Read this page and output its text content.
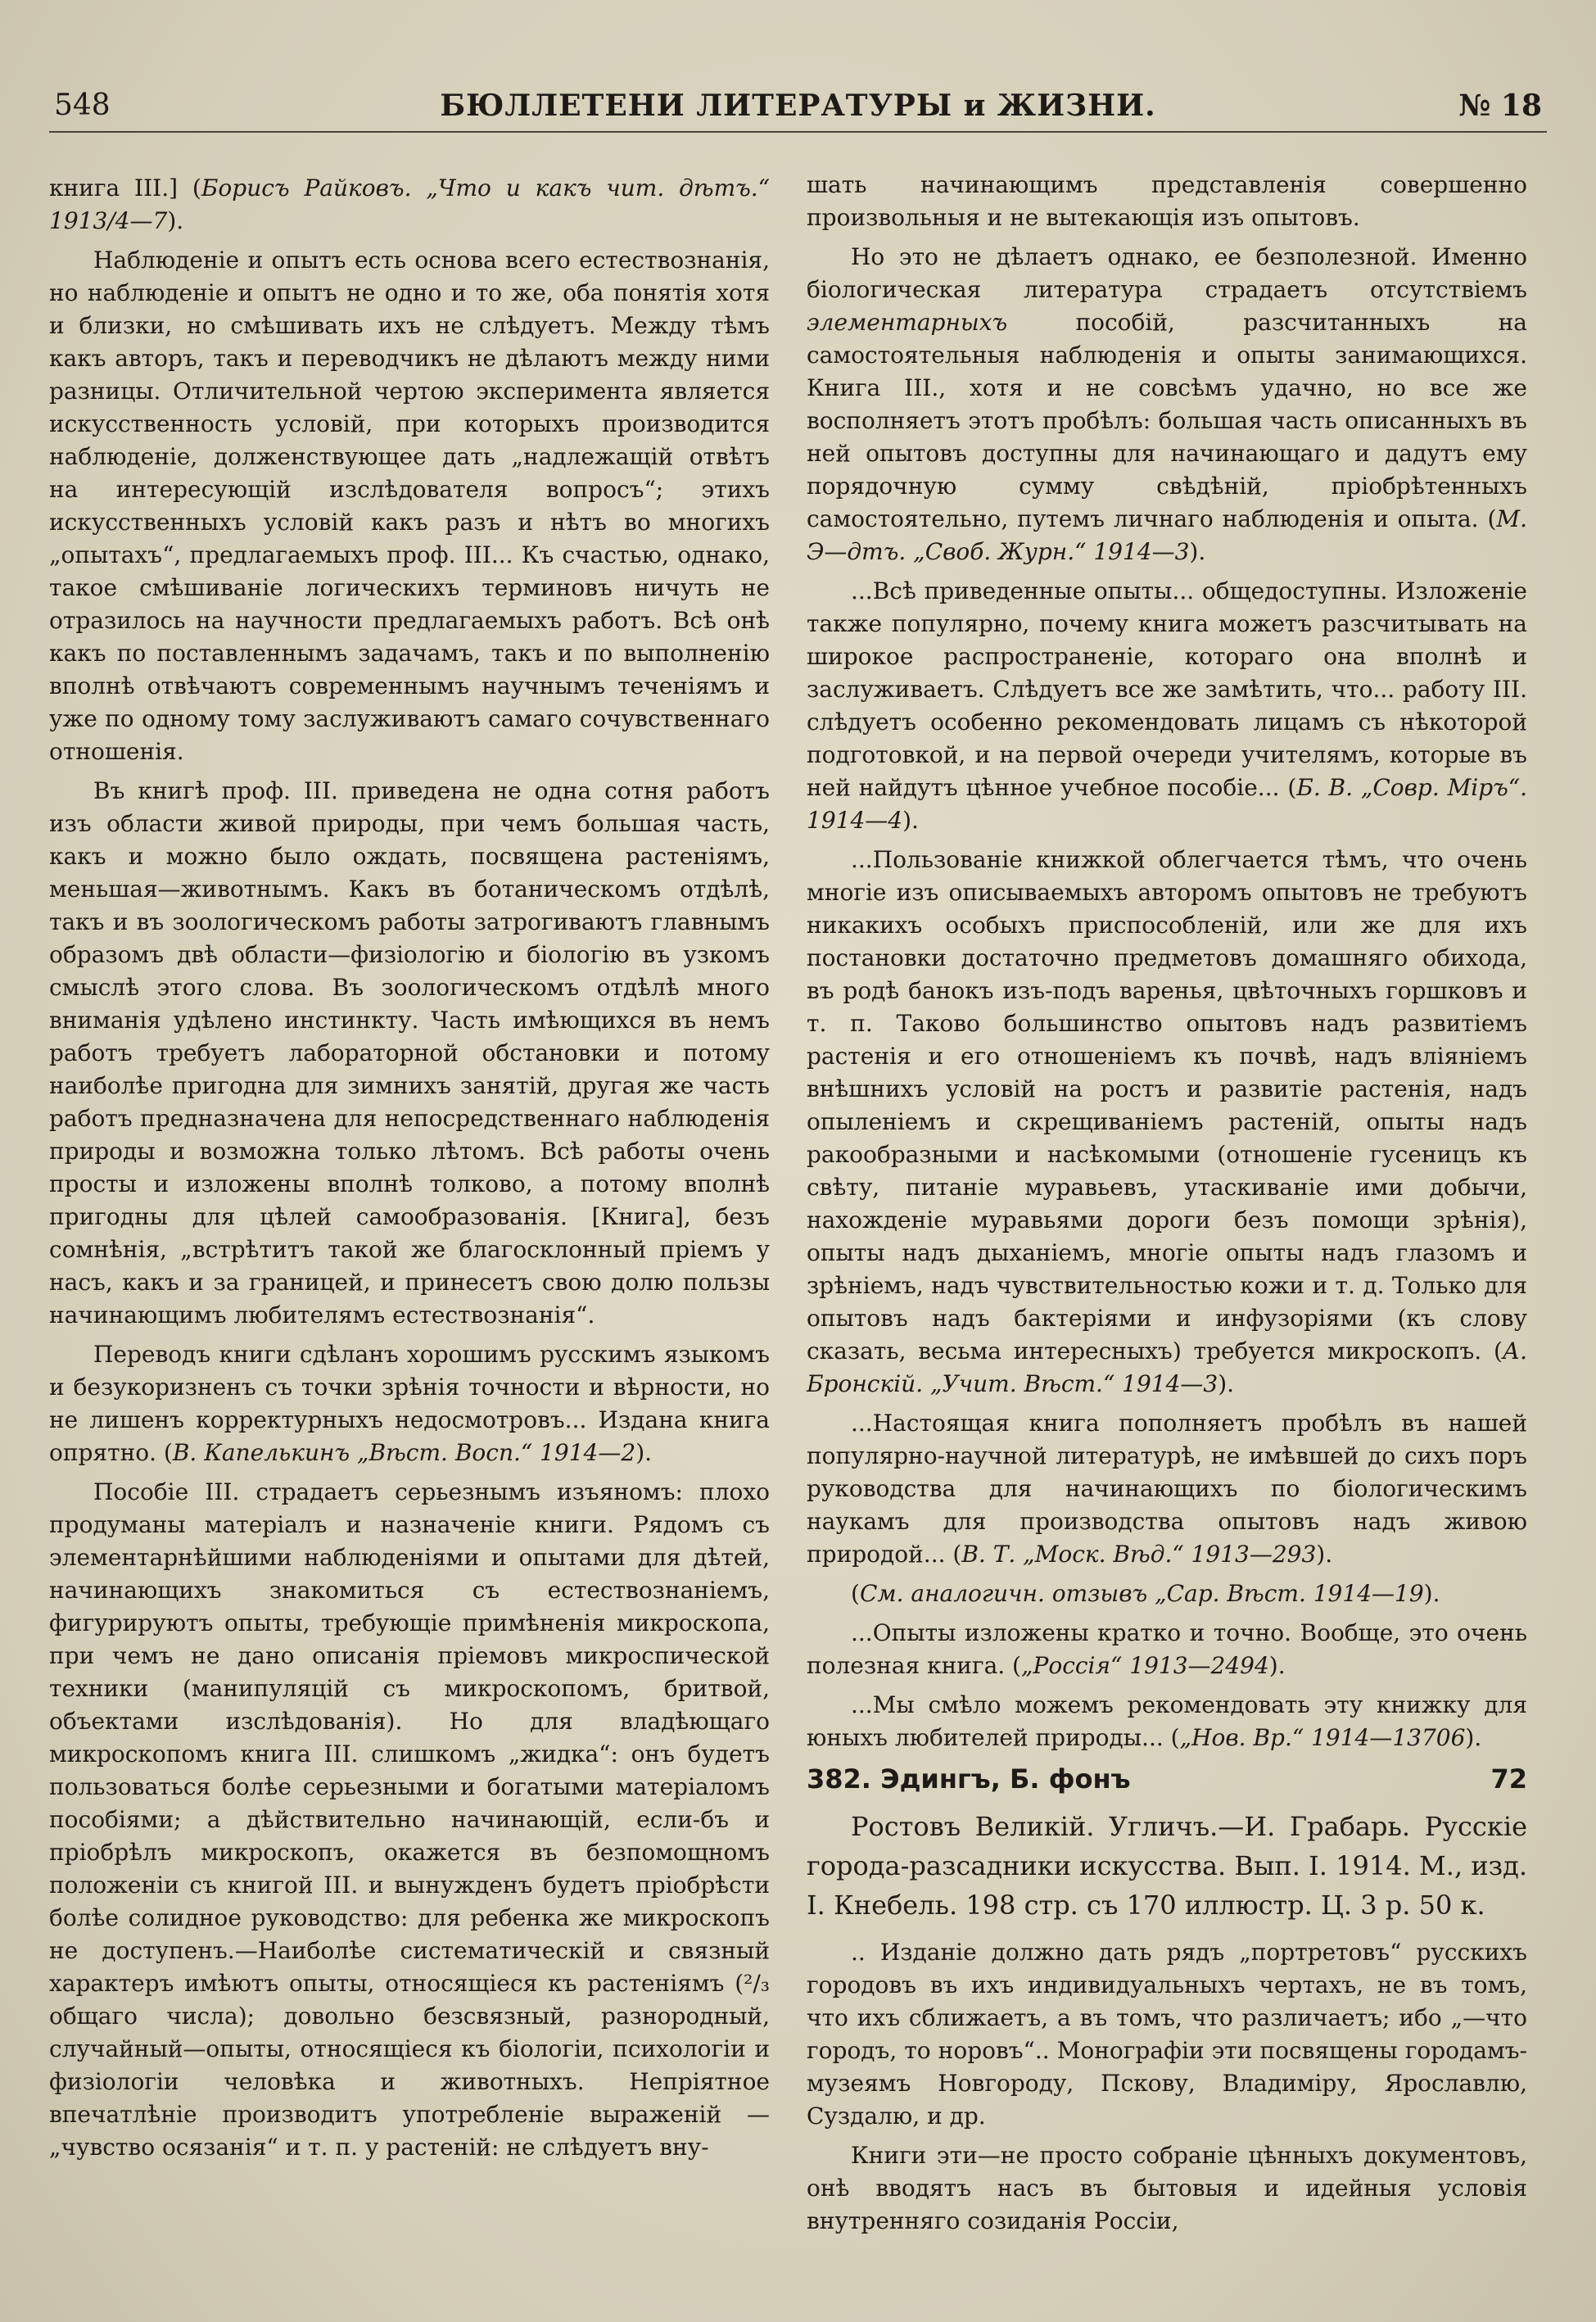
548	БЮЛЛЕТЕНИ ЛИТЕРАТУРЫ и ЖИЗНИ.	№ 18

книга III.] (Борисъ Райковъ. „Что и какъ чит. дѣтъ.“ 1913/4—7).

Наблюденіе и опытъ есть основа всего естествознанія, но наблюденіе и опытъ не одно и то же, оба понятія хотя и близки, но смѣшивать ихъ не слѣдуетъ. Между тѣмъ какъ авторъ, такъ и переводчикъ не дѣлаютъ между ними разницы. Отличительной чертою эксперимента является искусственность условій, при которыхъ производится наблюденіе, долженствующее дать „надлежащій отвѣтъ на интересующій изслѣдователя вопросъ“; этихъ искусственныхъ условій какъ разъ и нѣтъ во многихъ „опытахъ“, предлагаемыхъ проф. III... Къ счастью, однако, такое смѣшиваніе логическихъ терминовъ ничуть не отразилось на научности предлагаемыхъ работъ. Всѣ онѣ какъ по поставленнымъ задачамъ, такъ и по выполненію вполнѣ отвѣчаютъ современнымъ научнымъ теченіямъ и уже по одному тому заслуживаютъ самаго сочувственнаго отношенія.

Въ книгѣ проф. III. приведена не одна сотня работъ изъ области живой природы, при чемъ большая часть, какъ и можно было ождать, посвящена растеніямъ, меньшая—животнымъ. Какъ въ ботаническомъ отдѣлѣ, такъ и въ зоологическомъ работы затрогиваютъ главнымъ образомъ двѣ области—физіологію и біологію въ узкомъ смыслѣ этого слова. Въ зоологическомъ отдѣлѣ много вниманія удѣлено инстинкту. Часть имѣющихся въ немъ работъ требуетъ лабораторной обстановки и потому наиболѣе пригодна для зимнихъ занятій, другая же часть работъ предназначена для непосредственнаго наблюденія природы и возможна только лѣтомъ. Всѣ работы очень просты и изложены вполнѣ толково, а потому вполнѣ пригодны для цѣлей самообразованія. [Книга], безъ сомнѣнія, „встрѣтитъ такой же благосклонный пріемъ у насъ, какъ и за границей, и принесетъ свою долю пользы начинающимъ любителямъ естествознанія“.

Переводъ книги сдѣланъ хорошимъ русскимъ языкомъ и безукоризненъ съ точки зрѣнія точности и вѣрности, но не лишенъ корректурныхъ недосмотровъ... Издана книга опрятно. (В. Капелькинъ „Вѣст. Восп.“ 1914—2).

Пособіе III. страдаетъ серьезнымъ изъяномъ: плохо продуманы матеріалъ и назначеніе книги. Рядомъ съ элементарнѣйшими наблюденіями и опытами для дѣтей, начинающихъ знакомиться съ естествознаніемъ, фигурируютъ опыты, требующіе примѣненія микроскопа, при чемъ не дано описанія пріемовъ микроспической техники (манипуляцій съ микроскопомъ, бритвой, объектами изслѣдованія). Но для владѣющаго микроскопомъ книга III. слишкомъ „жидка“: онъ будетъ пользоваться болѣе серьезными и богатыми матеріаломъ пособіями; а дѣйствительно начинающій, если-бъ и пріобрѣлъ микроскопъ, окажется въ безпомощномъ положеніи съ книгой III. и вынужденъ будетъ пріобрѣсти болѣе солидное руководство: для ребенка же микроскопъ не доступенъ.—Наиболѣе систематическій и связный характеръ имѣютъ опыты, относящіеся къ растеніямъ (²/₃ общаго числа); довольно безсвязный, разнородный, случайный—опыты, относящіеся къ біологіи, психологіи и физіологіи человѣка и животныхъ. Непріятное впечатлѣніе производитъ употребленіе выраженій — „чувство осязанія“ и т. п. у растеній: не слѣдуетъ вну-

шать начинающимъ представленія совершенно произвольныя и не вытекающія изъ опытовъ.

Но это не дѣлаетъ однако, ее безполезной. Именно біологическая литература страдаетъ отсутствіемъ элементарныхъ пособій, разсчитанныхъ на самостоятельныя наблюденія и опыты занимающихся. Книга III., хотя и не совсѣмъ удачно, но все же восполняетъ этотъ пробѣлъ: большая часть описанныхъ въ ней опытовъ доступны для начинающаго и дадутъ ему порядочную сумму свѣдѣній, пріобрѣтенныхъ самостоятельно, путемъ личнаго наблюденія и опыта. (М. Э—дтъ. „Своб. Журн.“ 1914—3).

...Всѣ приведенные опыты... общедоступны. Изложеніе также популярно, почему книга можетъ разсчитывать на широкое распространеніе, котораго она вполнѣ и заслуживаетъ. Слѣдуетъ все же замѣтить, что... работу III. слѣдуетъ особенно рекомендовать лицамъ съ нѣкоторой подготовкой, и на первой очереди учителямъ, которые въ ней найдутъ цѣнное учебное пособіе... (Б. В. „Совр. Міръ“. 1914—4).

...Пользованіе книжкой облегчается тѣмъ, что очень многіе изъ описываемыхъ авторомъ опытовъ не требуютъ никакихъ особыхъ приспособленій, или же для ихъ постановки достаточно предметовъ домашняго обихода, въ родѣ банокъ изъ-подъ варенья, цвѣточныхъ горшковъ и т. п. Таково большинство опытовъ надъ развитіемъ растенія и его отношеніемъ къ почвѣ, надъ вліяніемъ внѣшнихъ условій на ростъ и развитіе растенія, надъ опыленіемъ и скрещиваніемъ растеній, опыты надъ ракообразными и насѣкомыми (отношеніе гусеницъ къ свѣту, питаніе муравьевъ, утаскиваніе ими добычи, нахожденіе муравьями дороги безъ помощи зрѣнія), опыты надъ дыханіемъ, многіе опыты надъ глазомъ и зрѣніемъ, надъ чувствительностью кожи и т. д. Только для опытовъ надъ бактеріями и инфузоріями (къ слову сказать, весьма интересныхъ) требуется микроскопъ. (А. Бронскій. „Учит. Вѣст.“ 1914—3).

...Настоящая книга пополняетъ пробѣлъ въ нашей популярно-научной литературѣ, не имѣвшей до сихъ поръ руководства для начинающихъ по біологическимъ наукамъ для производства опытовъ надъ живою природой... (В. Т. „Моск. Вѣд.“ 1913—293).

(См. аналогичн. отзывъ „Сар. Вѣст. 1914—19).

...Опыты изложены кратко и точно. Вообще, это очень полезная книга. („Россія“ 1913—2494).

...Мы смѣло можемъ рекомендовать эту книжку для юныхъ любителей природы... („Нов. Вр.“ 1914—13706).

382. Эдингъ, Б. фонъ	72
Ростовъ Великій. Угличъ.—И. Грабарь. Русскіе города-разсадники искусства. Вып. I. 1914. М., изд. I. Кнебель. 198 стр. съ 170 иллюстр. Ц. 3 р. 50 к.

.. Изданіе должно дать рядъ „портретовъ“ русскихъ городовъ въ ихъ индивидуальныхъ чертахъ, не въ томъ, что ихъ сближаетъ, а въ томъ, что различаетъ; ибо „—что городъ, то норовъ“.. Монографіи эти посвящены городамъ-музеямъ Новгороду, Пскову, Владиміру, Ярославлю, Суздалю, и др.

Книги эти—не просто собраніе цѣнныхъ документовъ, онѣ вводятъ насъ въ бытовыя и идейныя условія внутренняго созиданія Россіи,
